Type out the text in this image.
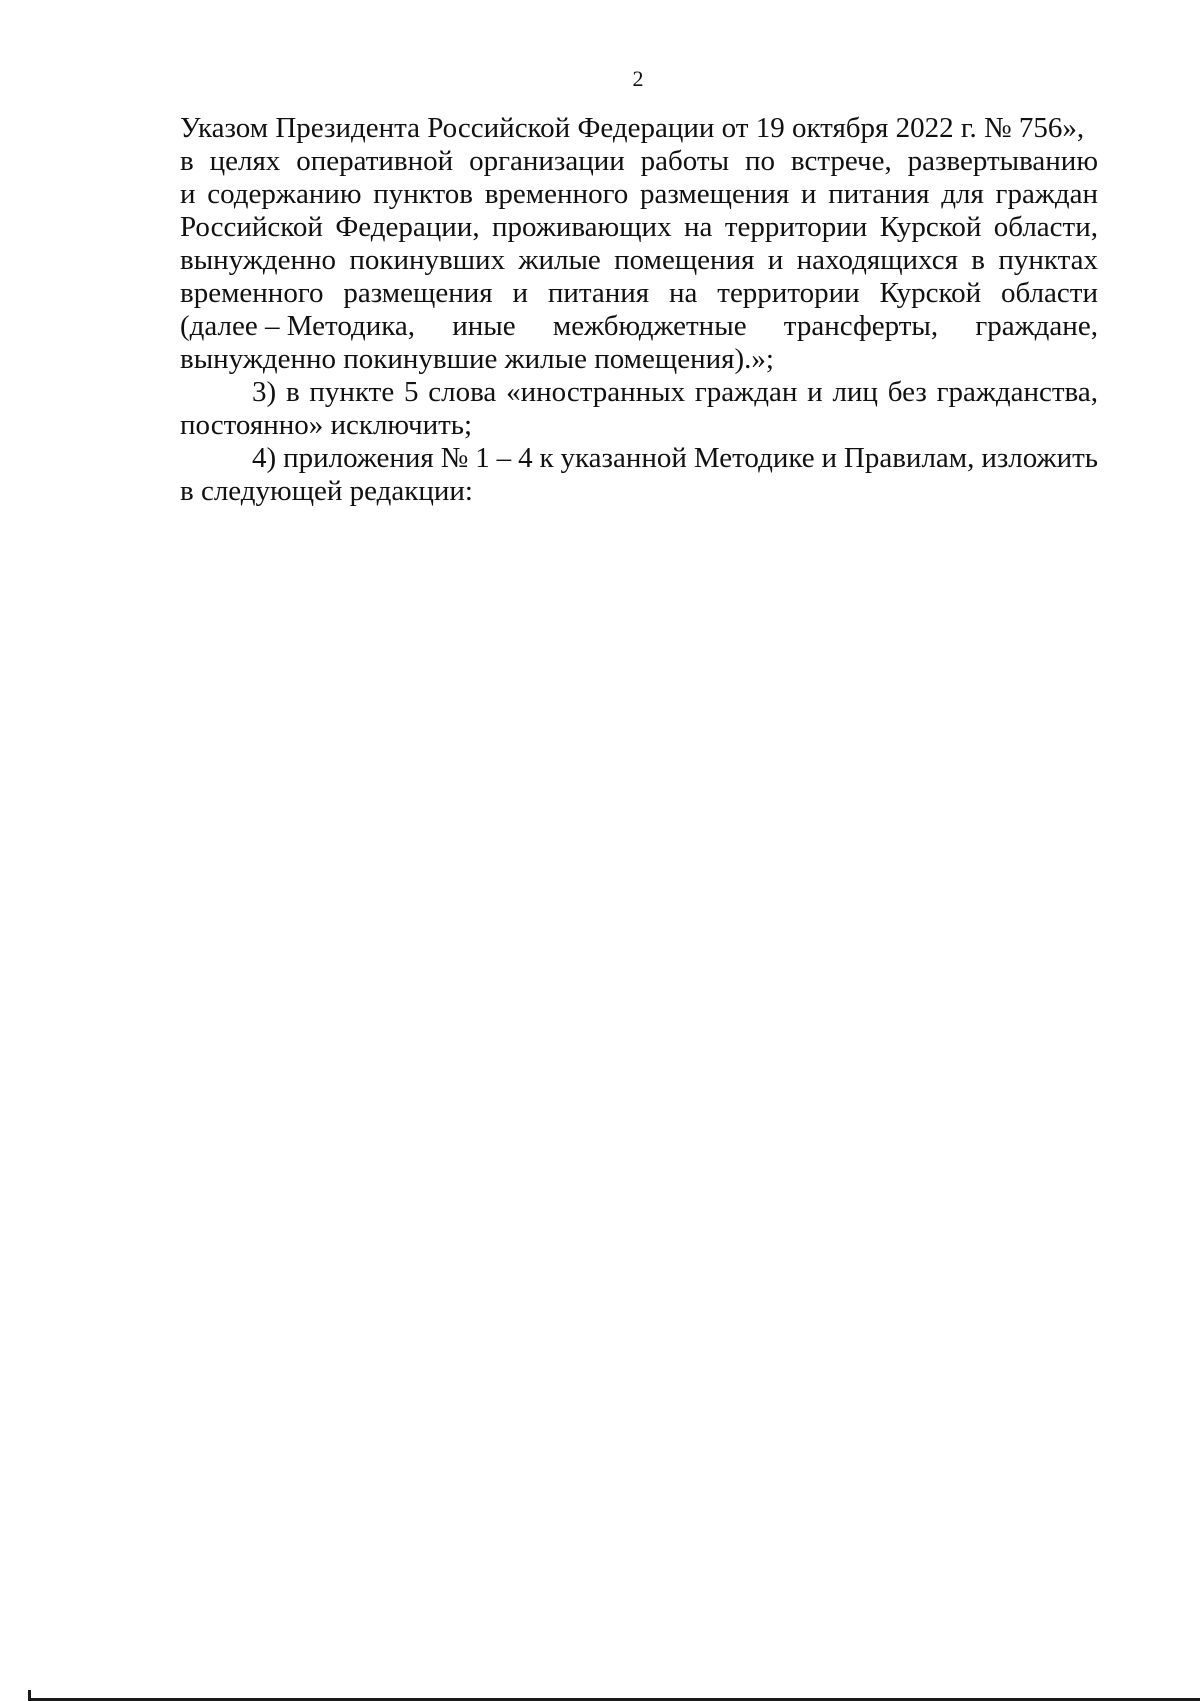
2
Указом Президента Российской Федерации от 19 октября 2022 г. № 756»,
в целях оперативной организации работы по встрече, развертыванию
и содержанию пунктов временного размещения и питания для граждан
Российской Федерации, проживающих на территории Курской области,
вынужденно покинувших жилые помещения и находящихся в пунктах
временного размещения и питания на территории Курской области
(далее – Методика, иные межбюджетные трансферты, граждане,
вынужденно покинувшие жилые помещения).»;
3) в пункте 5 слова «иностранных граждан и лиц без гражданства,
постоянно» исключить;
4) приложения № 1 – 4 к указанной Методике и Правилам, изложить
в следующей редакции:
